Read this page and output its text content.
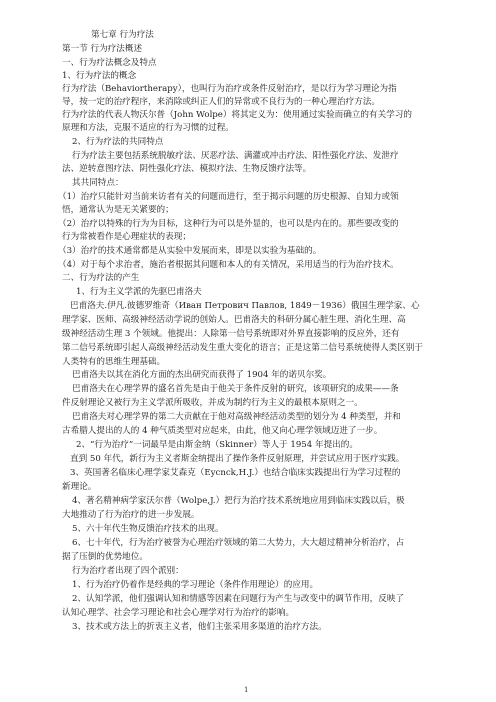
第七章 行为疗法
第一节 行为疗法概述
一、行为疗法概念及特点
1、行为疗法的概念
行为疗法（Behaviortherapy），也叫行为治疗或条件反射治疗，是以行为学习理论为指
导，按一定的治疗程序，来消除或纠正人们的异常或不良行为的一种心理治疗方法。
行为疗法的代表人物沃尔普（John Wolpe）将其定义为：使用通过实验而确立的有关学习的
原理和方法，克服不适应的行为习惯的过程。
2、行为疗法的共同特点
行为疗法主要包括系统脱敏疗法、厌恶疗法、满灌或冲击疗法、阳性强化疗法、发泄疗
法、逆转意图疗法、阴性强化疗法、模拟疗法、生物反馈疗法等。
其共同特点：
（1）治疗只能针对当前来访者有关的问题而进行，至于揭示问题的历史根源、自知力或领
悟，通常认为是无关紧要的；
（2）治疗以特殊的行为为目标，这种行为可以是外显的，也可以是内在的。那些要改变的
行为常被看作是心理症状的表现；
（3）治疗的技术通常都是从实验中发展而来，即是以实验为基础的。
（4）对于每个求治者，施治者根据其问题和本人的有关情况，采用适当的行为治疗技术。
二、行为疗法的产生
1、行为主义学派的先驱巴甫洛夫
巴甫洛夫.伊凡.彼德罗维奇（Иван Петрович Павлов, 1849－1936）俄国生理学家、心
理学家、医师、高级神经活动学说的创始人。巴甫洛夫的科研分属心脏生理、消化生理、高
级神经活动生理 3 个领域。他提出：人除第一信号系统即对外界直接影响的反应外，还有
第二信号系统即引起人高级神经活动发生重大变化的语言；正是这第二信号系统使得人类区别于
人类特有的思维生理基础。
巴甫洛夫以其在消化方面的杰出研究而获得了 1904 年的诺贝尔奖。
巴甫洛夫在心理学界的盛名首先是由于他关于条件反射的研究，该项研究的成果——条
件反射理论又被行为主义学派所吸收，并成为制约行为主义的最根本原则之一。
巴甫洛夫对心理学界的第二大贡献在于他对高级神经活动类型的划分为 4 种类型，并和
古希腊人提出的人的 4 种气质类型对应起来，由此，他又向心理学领域迈进了一步。
2、“行为治疗”一词最早是由斯金纳（Skinner）等人于 1954 年提出的。
直到 50 年代，新行为主义者斯金纳提出了操作条件反射原理，并尝试应用于医疗实践。
3、英国著名临床心理学家艾森克（Eycnck,H.J.）也结合临床实践提出行为学习过程的
新理论。
4、著名精神病学家沃尔普（Wolpe,J.）把行为治疗技术系统地应用到临床实践以后，极
大地推动了行为治疗的进一步发展。
5、六十年代生物反馈治疗技术的出现。
6、七十年代，行为治疗被誉为心理治疗领域的第二大势力，大大超过精神分析治疗，占
据了压倒的优势地位。
行为治疗者出现了四个派别：
1、行为治疗仍着作是经典的学习理论（条件作用理论）的应用。
2、认知学派，他们强调认知和情感等因素在问题行为产生与改变中的调节作用，反映了
认知心理学、社会学习理论和社会心理学对行为治疗的影响。
3、技术或方法上的折衷主义者，他们主张采用多渠道的治疗方法。
1
